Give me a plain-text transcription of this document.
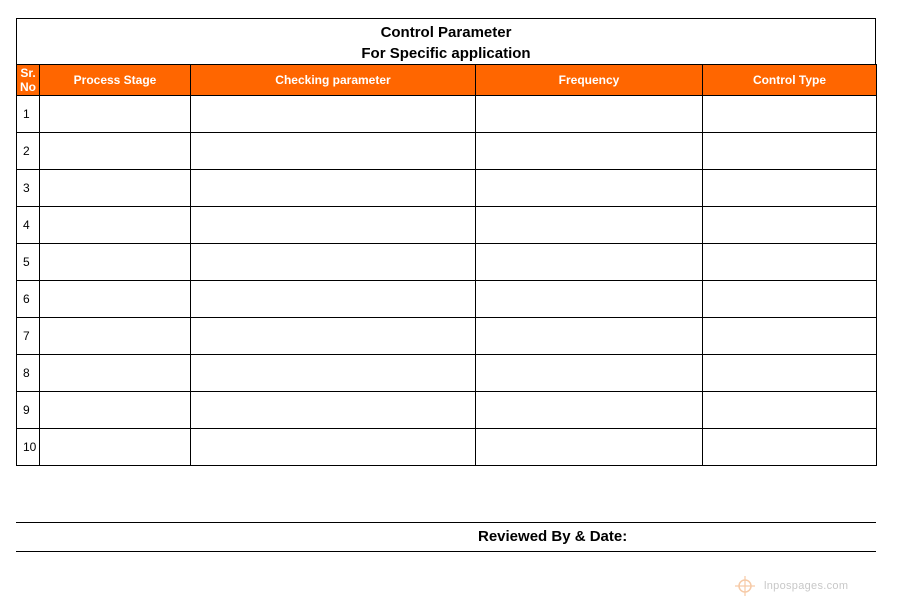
Control Parameter
For Specific application
Sr. No	Process Stage	Checking parameter	Frequency	Control Type
1				
2				
3				
4				
5				
6				
7				
8				
9				
10				
Reviewed By & Date:
lnpospages.com
